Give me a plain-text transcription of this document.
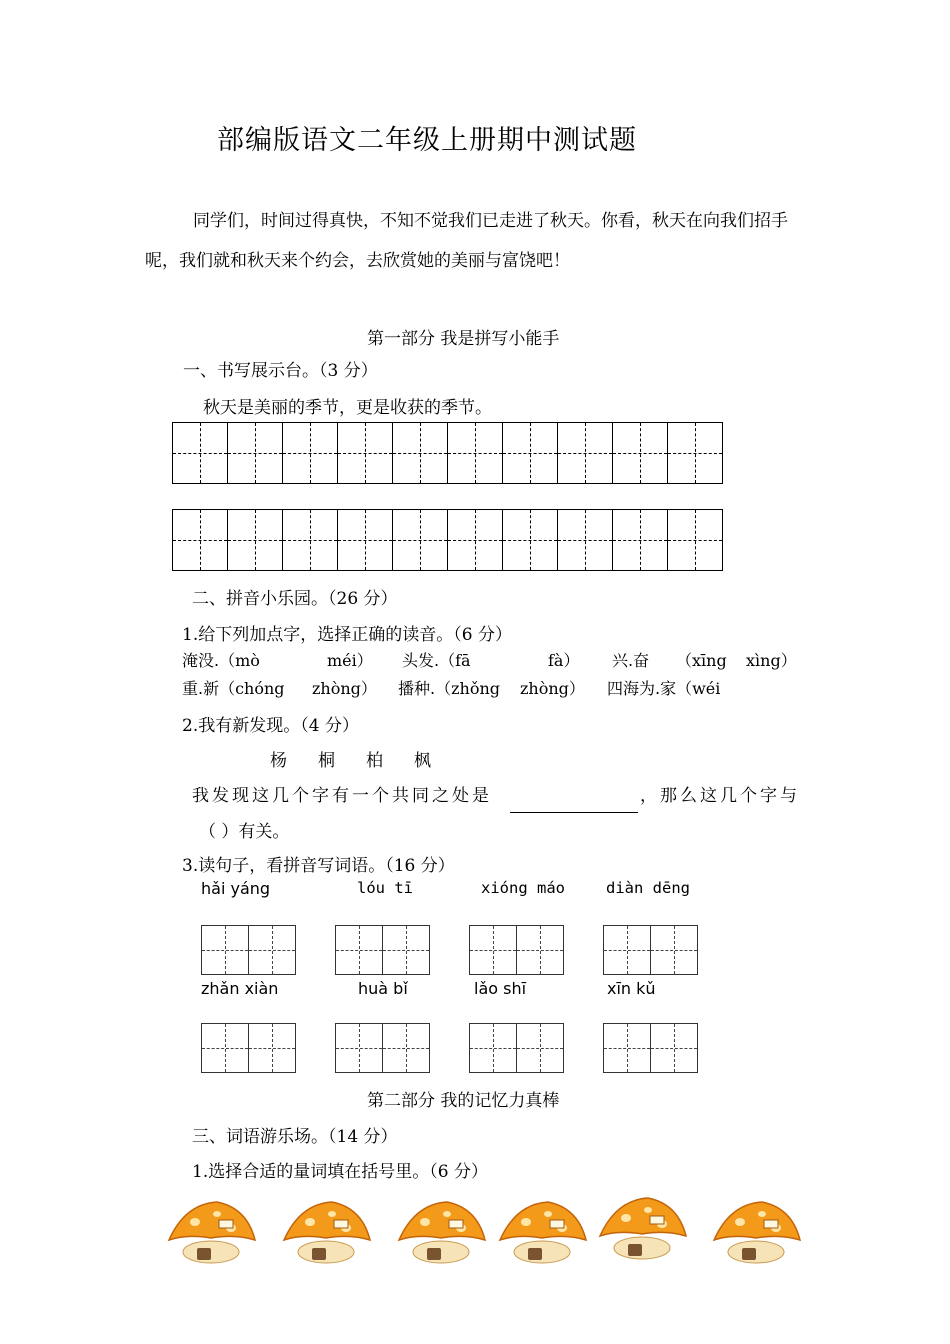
部编版语文二年级上册期中测试题
同学们，时间过得真快，不知不觉我们已走进了秋天。你看，秋天在向我们招手呢，我们就和秋天来个约会，去欣赏她的美丽与富饶吧！
第一部分 我是拼写小能手
一、书写展示台。（3 分）
秋天是美丽的季节，更是收获的季节。
二、拼音小乐园。（26 分）
1.给下列加点字，选择正确的读音。（6 分）
淹没.（mò	méi） 头发.（fā	fà） 兴.奋 （xīng xìng）
重.新（chóng zhòng） 播种.（zhǒng zhòng） 四海为.家（wéi
2.我有新发现。（4 分）
杨 桐 柏 枫
我发现这几个字有一个共同之处是	，那么这几个字与
（ ）有关。
3.读句子，看拼音写词语。（16 分）
hǎi yáng	lóu tī	xióng máo	diàn dēng
zhǎn xiàn	huà bǐ	lǎo shī	xīn kǔ
第二部分 我的记忆力真棒
三、词语游乐场。（14 分）
1.选择合适的量词填在括号里。（6 分）
